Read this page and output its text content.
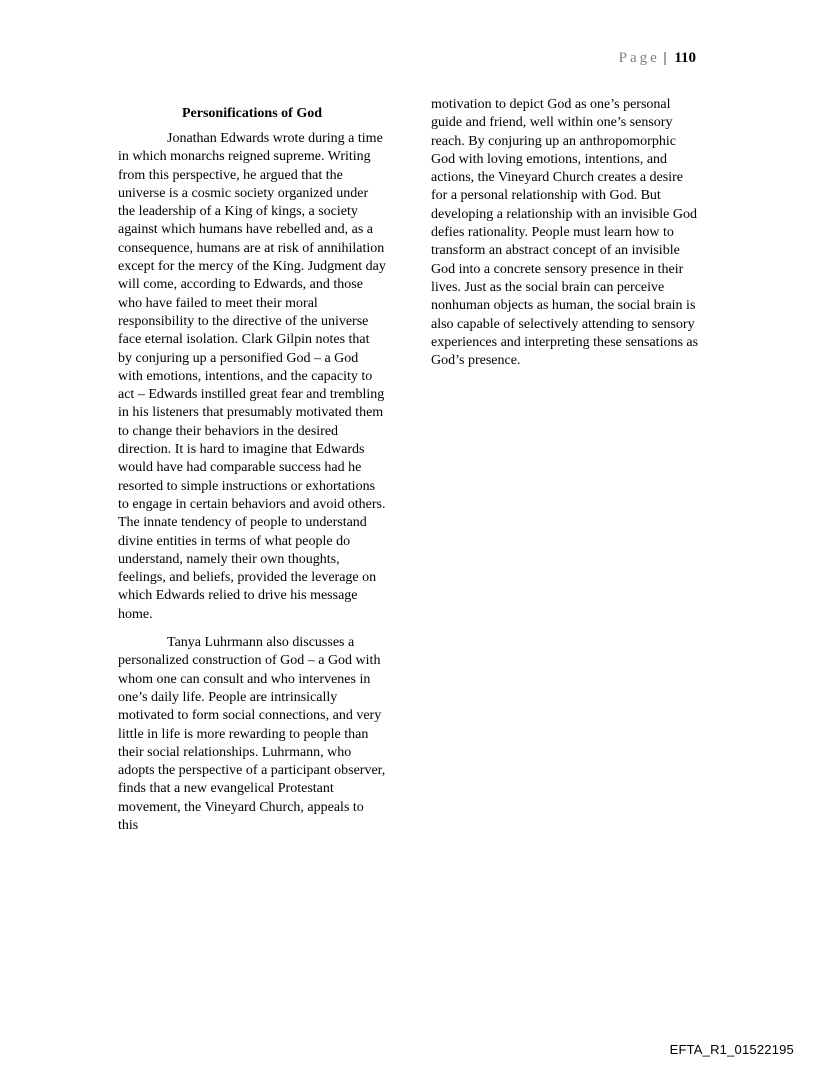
Page | 110
Personifications of God

Jonathan Edwards wrote during a time in which monarchs reigned supreme. Writing from this perspective, he argued that the universe is a cosmic society organized under the leadership of a King of kings, a society against which humans have rebelled and, as a consequence, humans are at risk of annihilation except for the mercy of the King. Judgment day will come, according to Edwards, and those who have failed to meet their moral responsibility to the directive of the universe face eternal isolation. Clark Gilpin notes that by conjuring up a personified God – a God with emotions, intentions, and the capacity to act – Edwards instilled great fear and trembling in his listeners that presumably motivated them to change their behaviors in the desired direction. It is hard to imagine that Edwards would have had comparable success had he resorted to simple instructions or exhortations to engage in certain behaviors and avoid others. The innate tendency of people to understand divine entities in terms of what people do understand, namely their own thoughts, feelings, and beliefs, provided the leverage on which Edwards relied to drive his message home.

Tanya Luhrmann also discusses a personalized construction of God – a God with whom one can consult and who intervenes in one’s daily life. People are intrinsically motivated to form social connections, and very little in life is more rewarding to people than their social relationships. Luhrmann, who adopts the perspective of a participant observer, finds that a new evangelical Protestant movement, the Vineyard Church, appeals to this

motivation to depict God as one’s personal guide and friend, well within one’s sensory reach. By conjuring up an anthropomorphic God with loving emotions, intentions, and actions, the Vineyard Church creates a desire for a personal relationship with God. But developing a relationship with an invisible God defies rationality. People must learn how to transform an abstract concept of an invisible God into a concrete sensory presence in their lives. Just as the social brain can perceive nonhuman objects as human, the social brain is also capable of selectively attending to sensory experiences and interpreting these sensations as God’s presence.

EFTA_R1_01522195
